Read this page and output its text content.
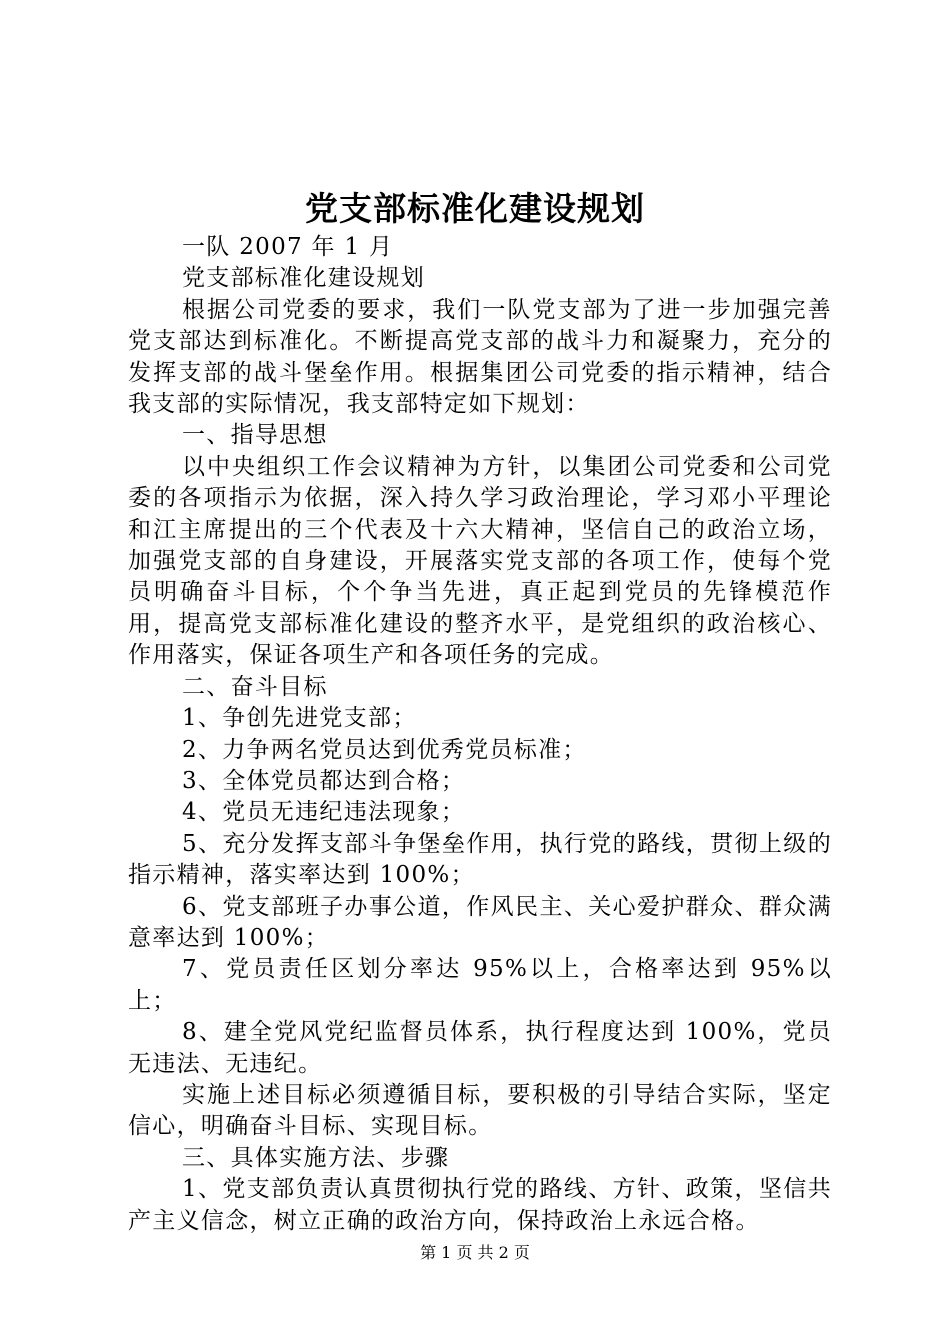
党支部标准化建设规划

一队 2007 年 1 月

党支部标准化建设规划

根据公司党委的要求，我们一队党支部为了进一步加强完善党支部达到标准化。不断提高党支部的战斗力和凝聚力，充分的发挥支部的战斗堡垒作用。根据集团公司党委的指示精神，结合我支部的实际情况，我支部特定如下规划：

一、指导思想

以中央组织工作会议精神为方针，以集团公司党委和公司党委的各项指示为依据，深入持久学习政治理论，学习邓小平理论和江主席提出的三个代表及十六大精神，坚信自己的政治立场，加强党支部的自身建设，开展落实党支部的各项工作，使每个党员明确奋斗目标，个个争当先进，真正起到党员的先锋模范作用，提高党支部标准化建设的整齐水平，是党组织的政治核心、作用落实，保证各项生产和各项任务的完成。

二、奋斗目标

1、争创先进党支部；

2、力争两名党员达到优秀党员标准；

3、全体党员都达到合格；

4、党员无违纪违法现象；

5、充分发挥支部斗争堡垒作用，执行党的路线，贯彻上级的指示精神，落实率达到 100%；

6、党支部班子办事公道，作风民主、关心爱护群众、群众满意率达到 100%；

7、党员责任区划分率达 95%以上，合格率达到 95%以上；

8、建全党风党纪监督员体系，执行程度达到 100%，党员无违法、无违纪。

实施上述目标必须遵循目标，要积极的引导结合实际，坚定信心，明确奋斗目标、实现目标。

三、具体实施方法、步骤

1、党支部负责认真贯彻执行党的路线、方针、政策，坚信共产主义信念，树立正确的政治方向，保持政治上永远合格。

第 1 页 共 2 页
